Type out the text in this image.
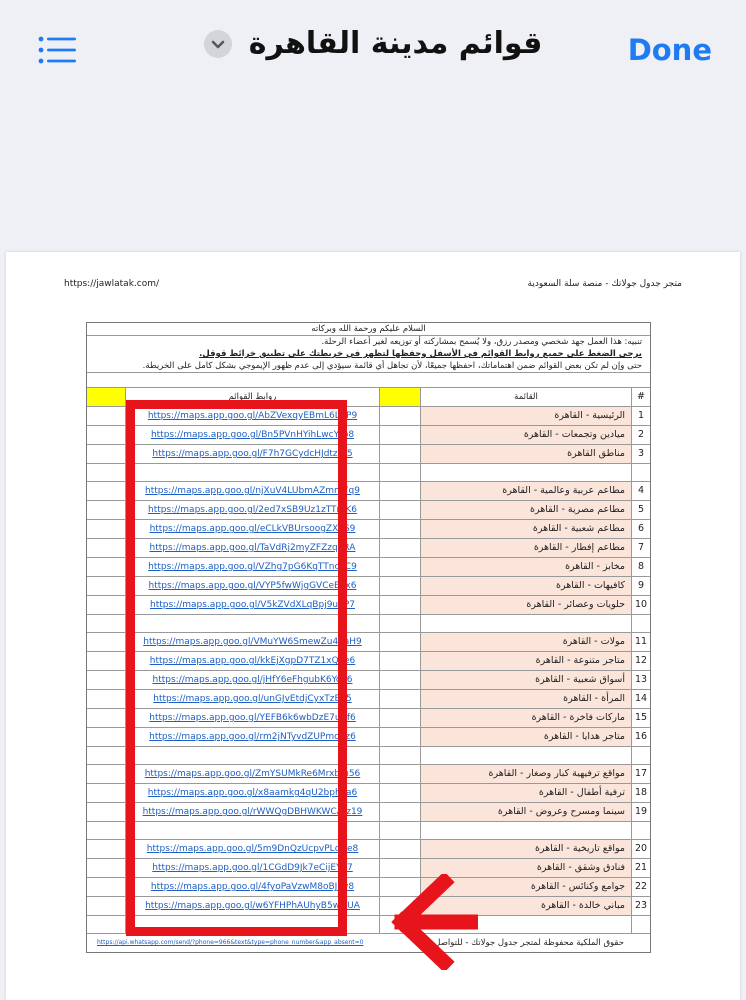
قوائم مدينة القاهرة	Done
https://jawlatak.com/	متجر جدول جولاتك - منصة سلة السعودية
السلام عليكم ورحمة الله وبركاته
تنبيه: هذا العمل جهد شخصي ومصدر رزق، ولا يُسمح بمشاركته أو توزيعه لغير أعضاء الرحلة.
يرجى الضغط على جميع روابط القوائم في الأسفل وحفظها لتظهر في خريطتك على تطبيق خرائط قوقل.
حتى وإن لم تكن بعض القوائم ضمن اهتماماتك، احفظها جميعًا، لأن تجاهل أي قائمة سيؤدي إلى عدم ظهور الإيموجي بشكل كامل على الخريطة.
روابط القوائم	القائمة	#
https://maps.app.goo.gl/AbZVexqyEBmL6LCP9	الرئيسية - القاهرة	1
https://maps.app.goo.gl/Bn5PVnHYihLwcYtb8	ميادين وتجمعات - القاهرة	2
https://maps.app.goo.gl/F7h7GCydcHJdtzor5	مناطق القاهرة	3
https://maps.app.goo.gl/njXuV4LUbmAZmm7q9	مطاعم عربية وعالمية - القاهرة	4
https://maps.app.goo.gl/2ed7xSB9Uz1zTTmK6	مطاعم مصرية - القاهرة	5
https://maps.app.goo.gl/eCLkVBUrsoogZXbS9	مطاعم شعبية - القاهرة	6
https://maps.app.goo.gl/TaVdRj2myZFZzqnRA	مطاعم إفطار - القاهرة	7
https://maps.app.goo.gl/VZhg7pG6KqTTncKC9	مخابز - القاهرة	8
https://maps.app.goo.gl/VYP5fwWjgGVCeE5x6	كافيهات - القاهرة	9
https://maps.app.goo.gl/V5kZVdXLqBpj9uqP7	حلويات وعصائر - القاهرة	10
https://maps.app.goo.gl/VMuYW6SmewZu4oaH9	مولات - القاهرة	11
https://maps.app.goo.gl/kkEjXgpD7TZ1xQye6	متاجر متنوعة - القاهرة	12
https://maps.app.goo.gl/jHfY6eFhgubK6Yoy6	أسواق شعبية - القاهرة	13
https://maps.app.goo.gl/unGJvEtdjCyxTzBx5	المرأة - القاهرة	14
https://maps.app.goo.gl/YEFB6k6wbDzE7uCf6	ماركات فاخرة - القاهرة	15
https://maps.app.goo.gl/rm2jNTyvdZUPmo4z6	متاجر هدايا - القاهرة	16
https://maps.app.goo.gl/ZmYSUMkRe6Mrxbm56	مواقع ترفيهية كبار وصغار - القاهرة	17
https://maps.app.goo.gl/x8aamkg4qU2bphva6	ترفية أطفال - القاهرة	18
https://maps.app.goo.gl/rWWQgDBHWKWCAtz19	سينما ومسرح وعروض - القاهرة	19
https://maps.app.goo.gl/5m9DnQzUcpvPLcwe8	مواقع تاريخية - القاهرة	20
https://maps.app.goo.gl/1CGdD9Jk7eCijEYT7	فنادق وشقق - القاهرة	21
https://maps.app.goo.gl/4fyoPaVzwM8oBJ6v8	جوامع وكنائس - القاهرة	22
https://maps.app.goo.gl/w6YFHPhAUhyB5wQUA	مباني خالدة - القاهرة	23
https://api.whatsapp.com/send/?phone=966&text&type=phone_number&app_absent=0	حقوق الملكية محفوظة لمتجر جدول جولاتك - للتواصل ←
